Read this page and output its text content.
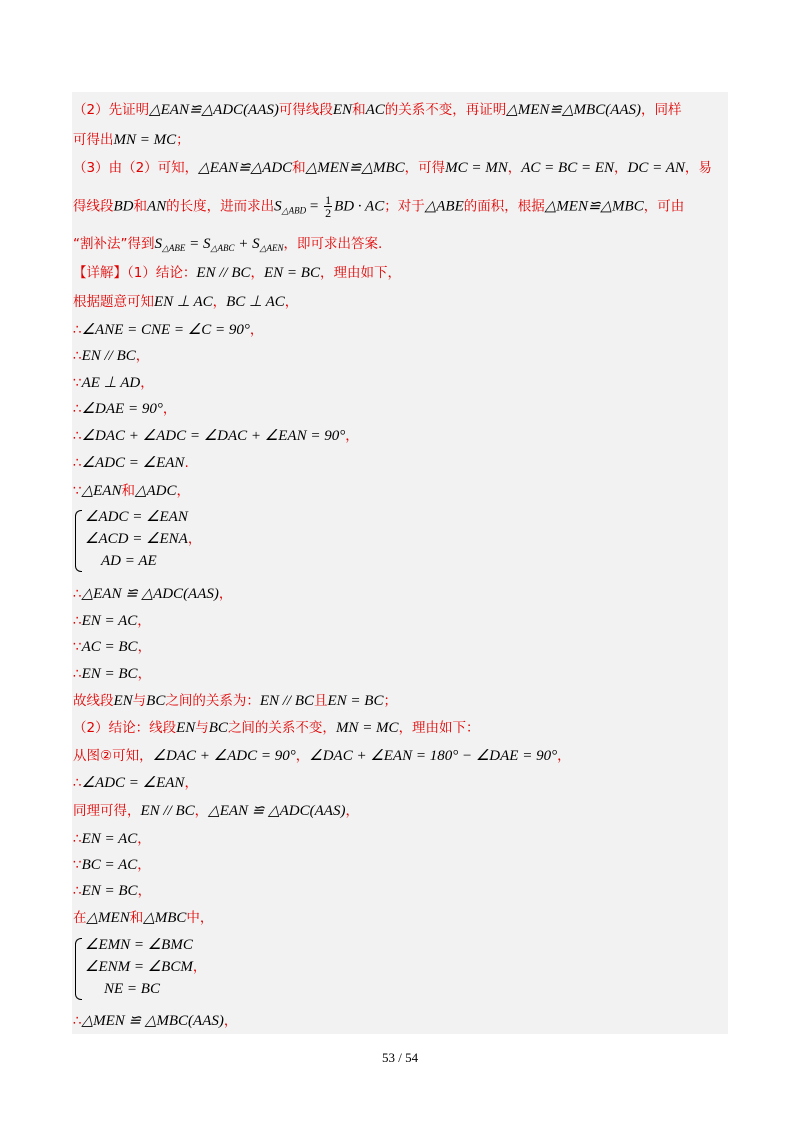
（2）先证明△EAN≌△ADC(AAS)可得线段EN和AC的关系不变，再证明△MEN≌△MBC(AAS)，同样
可得出MN = MC；
（3）由（2）可知，△EAN≌△ADC和△MEN≌△MBC，可得MC = MN，AC = BC = EN，DC = AN，易
得线段BD和AN的长度，进而求出$S_{\triangle ABD} = \frac{1}{2}$ BD · AC；对于△ABE的面积，根据△MEN≌△MBC，可由
“割补法”得到$S_{\triangle ABE} = S_{\triangle ABC} + S_{\triangle AEN}$，即可求出答案.
【详解】（1）结论：EN // BC，EN = BC，理由如下，
根据题意可知EN ⊥ AC，BC ⊥ AC，
∴∠ANE = CNE = ∠C = 90°，
∴EN // BC，
∵AE ⊥ AD，
∴∠DAE = 90°，
∴∠DAC + ∠ADC = ∠DAC + ∠EAN = 90°，
∴∠ADC = ∠EAN.
∵△EAN和△ADC，
∠ADC = ∠EAN
∠ACD = ∠ENA，
AD = AE
∴△EAN ≌ △ADC(AAS)，
∴EN = AC，
∵AC = BC，
∴EN = BC，
故线段EN与BC之间的关系为：EN // BC且EN = BC；
（2）结论：线段EN与BC之间的关系不变，MN = MC，理由如下：
从图②可知，∠DAC + ∠ADC = 90°，∠DAC + ∠EAN = 180° − ∠DAE = 90°，
∴∠ADC = ∠EAN，
同理可得，EN // BC，△EAN ≌ △ADC(AAS)，
∴EN = AC，
∵BC = AC，
∴EN = BC，
在△MEN和△MBC中，
∠EMN = ∠BMC
∠ENM = ∠BCM，
NE = BC
∴△MEN ≌ △MBC(AAS)，
53 / 54
